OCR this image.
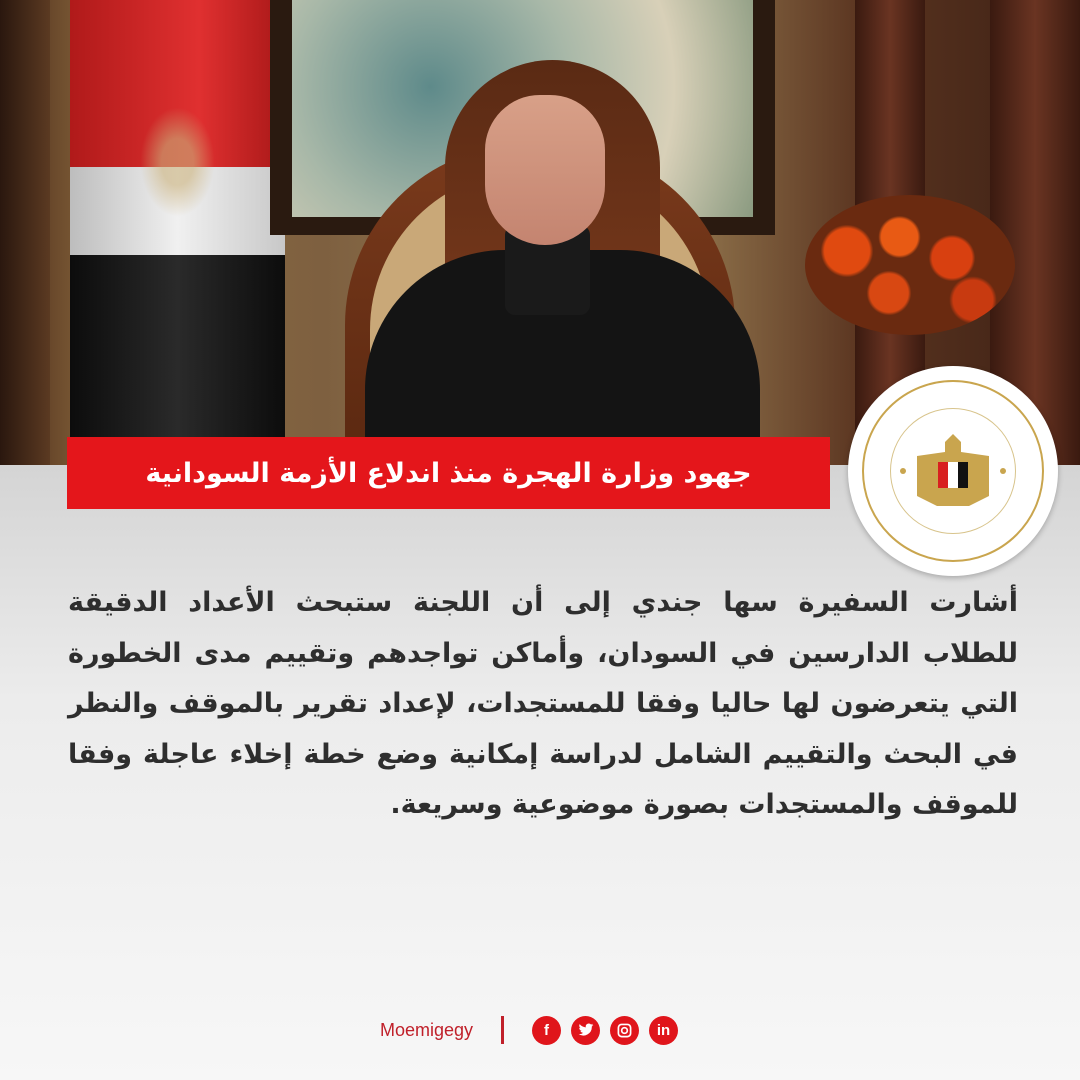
جهود وزارة الهجرة منذ اندلاع الأزمة السودانية
أشارت السفيرة سها جندي إلى أن اللجنة ستبحث الأعداد الدقيقة للطلاب الدارسين في السودان، وأماكن تواجدهم وتقييم مدى الخطورة التي يتعرضون لها حاليا وفقا للمستجدات، لإعداد تقرير بالموقف والنظر في البحث والتقييم الشامل لدراسة إمكانية وضع خطة إخلاء عاجلة وفقا للموقف والمستجدات بصورة موضوعية وسريعة.
Moemigegy	f	in
